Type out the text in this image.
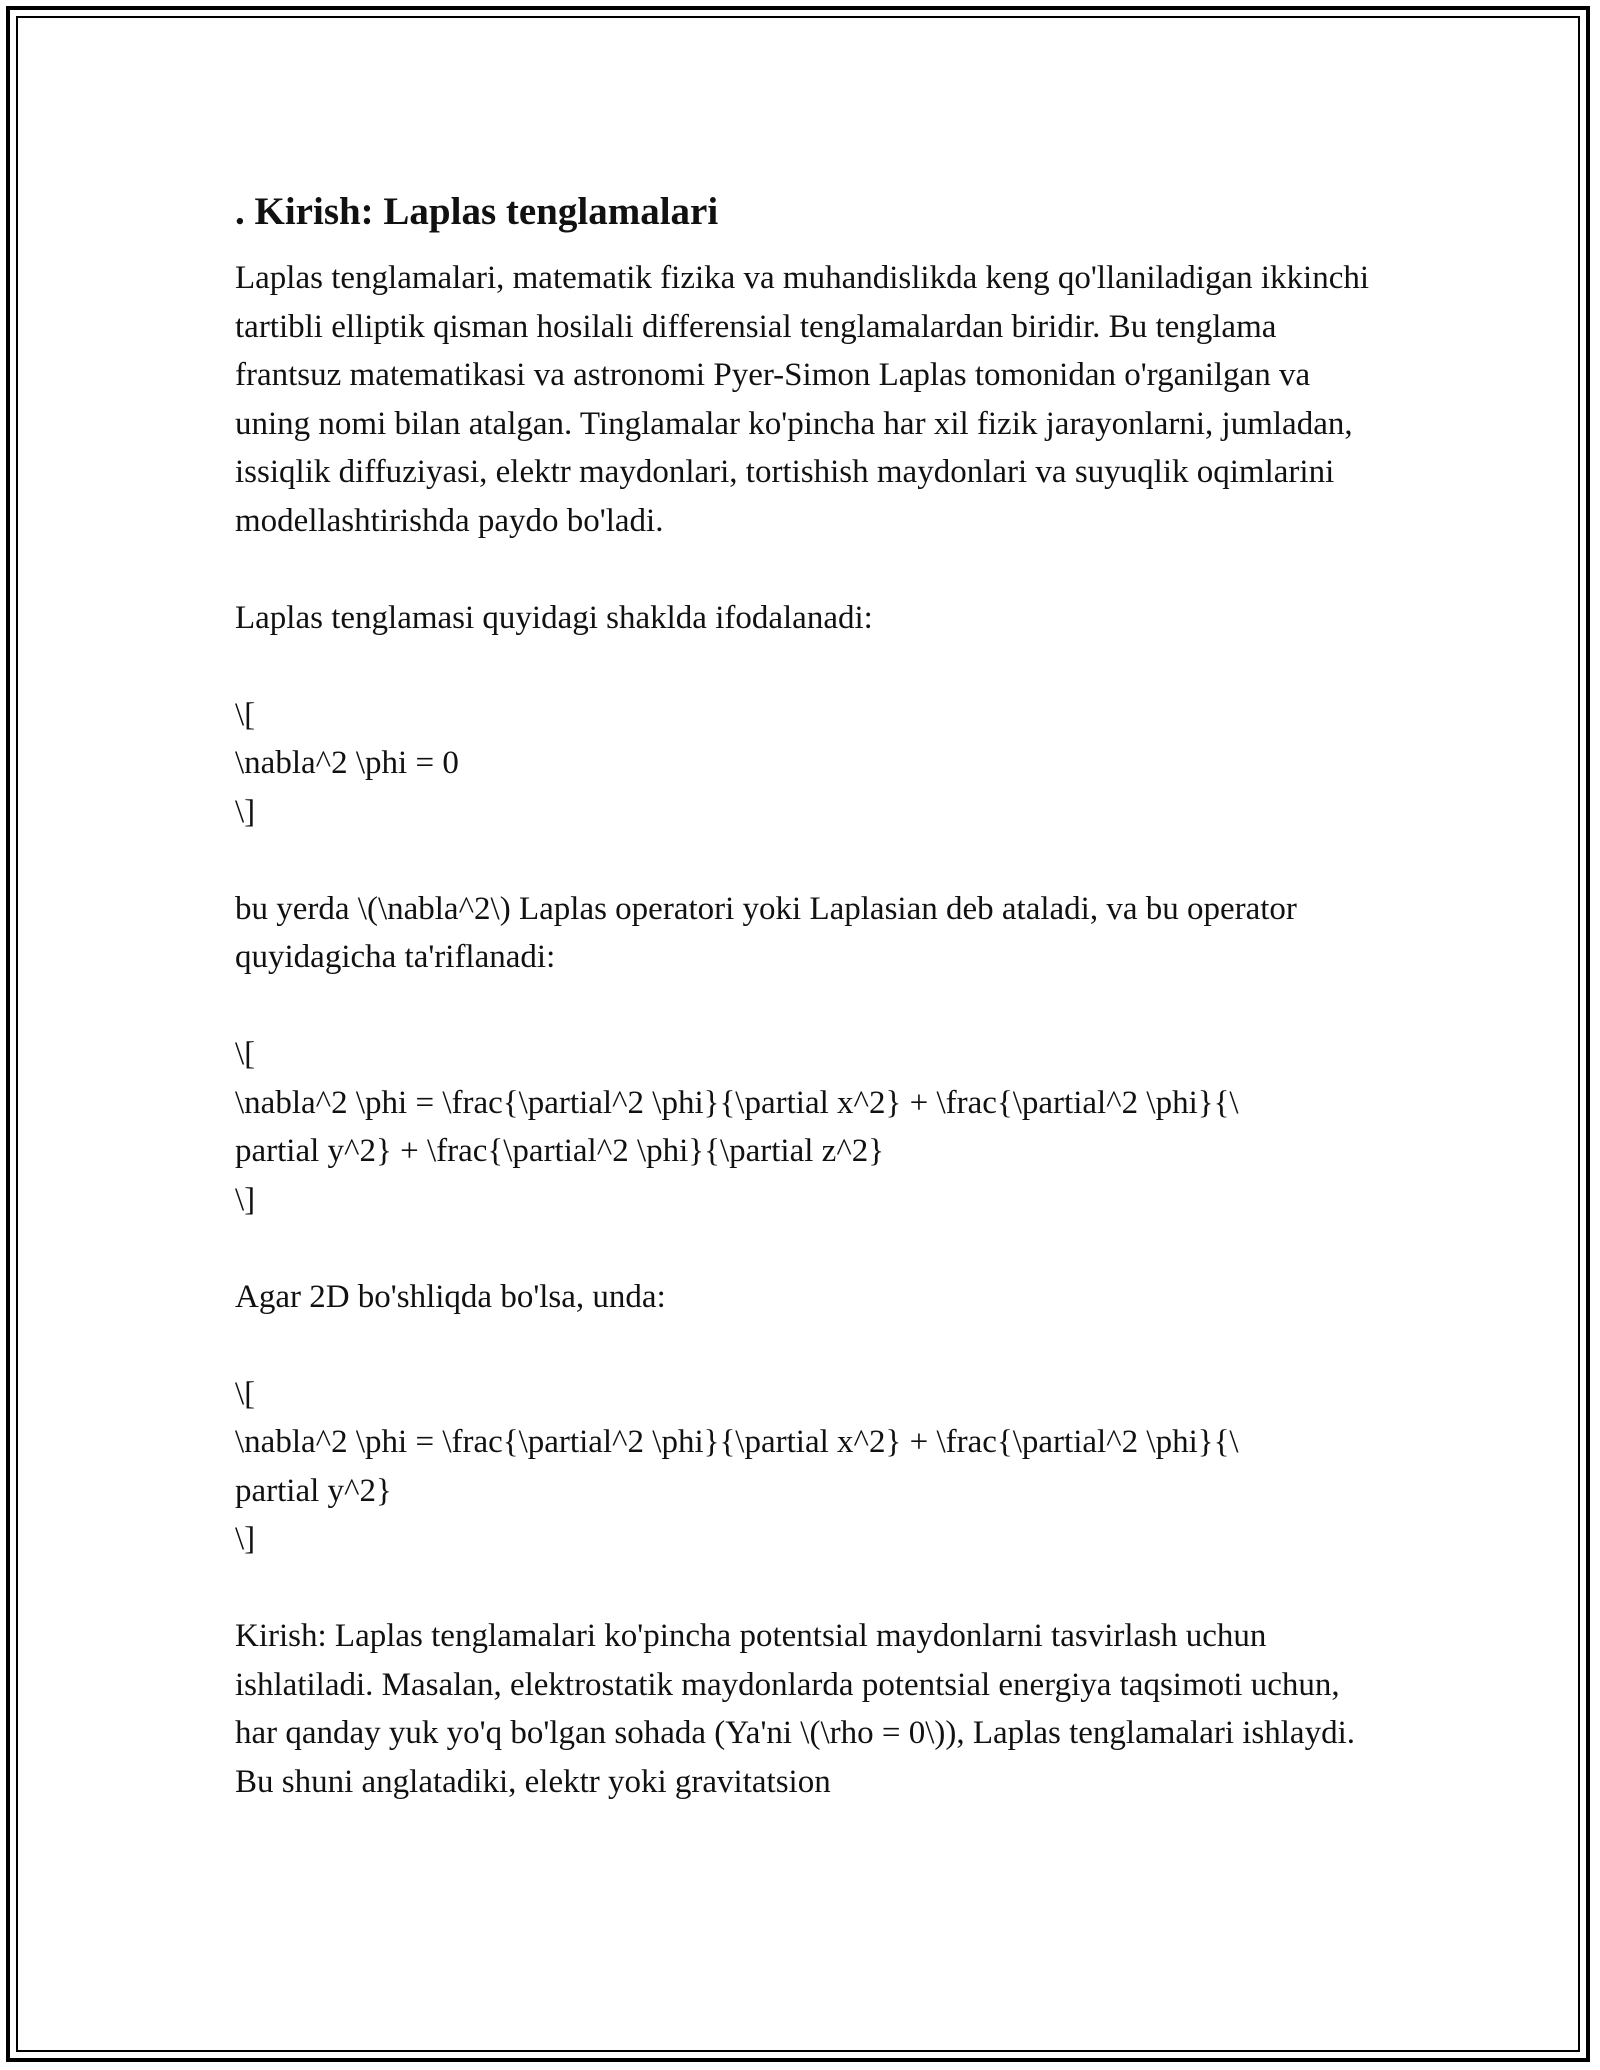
. Kirish: Laplas tenglamalari
Laplas tenglamalari, matematik fizika va muhandislikda keng qo'llaniladigan ikkinchi tartibli elliptik qisman hosilali differensial tenglamalardan biridir. Bu tenglama frantsuz matematikasi va astronomi Pyer-Simon Laplas tomonidan o'rganilgan va uning nomi bilan atalgan. Tinglamalar ko'pincha har xil fizik jarayonlarni, jumladan, issiqlik diffuziyasi, elektr maydonlari, tortishish maydonlari va suyuqlik oqimlarini modellashtirishda paydo bo'ladi.
Laplas tenglamasi quyidagi shaklda ifodalanadi:
\[
\nabla^2 \phi = 0
\]
bu yerda \(\nabla^2\) Laplas operatori yoki Laplasian deb ataladi, va bu operator quyidagicha ta'riflanadi:
\[
\nabla^2 \phi = \frac{\partial^2 \phi}{\partial x^2} + \frac{\partial^2 \phi}{\
partial y^2} + \frac{\partial^2 \phi}{\partial z^2}
\]
Agar 2D bo'shliqda bo'lsa, unda:
\[
\nabla^2 \phi = \frac{\partial^2 \phi}{\partial x^2} + \frac{\partial^2 \phi}{\
partial y^2}
\]
Kirish: Laplas tenglamalari ko'pincha potentsial maydonlarni tasvirlash uchun ishlatiladi. Masalan, elektrostatik maydonlarda potentsial energiya taqsimoti uchun, har qanday yuk yo'q bo'lgan sohada (Ya'ni \(\rho = 0\)), Laplas tenglamalari ishlaydi. Bu shuni anglatadiki, elektr yoki gravitatsion
